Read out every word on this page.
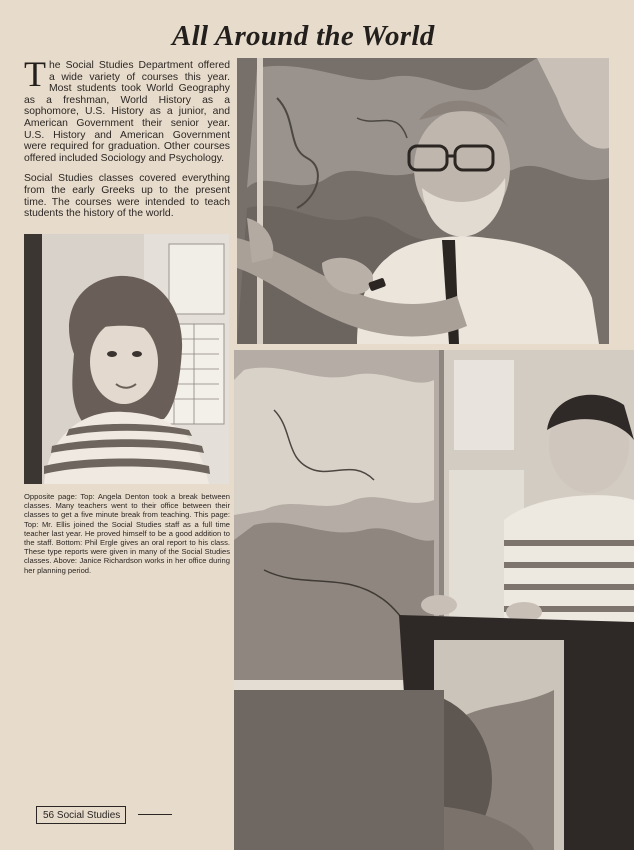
All Around the World

The Social Studies Department offered a wide variety of courses this year. Most students took World Geography as a freshman, World History as a sophomore, U.S. History as a junior, and American Government their senior year. U.S. History and American Government were required for graduation. Other courses offered included Sociology and Psychology.

Social Studies classes covered everything from the early Greeks up to the present time. The courses were intended to teach students the history of the world.

Opposite page: Top: Angela Denton took a break between classes. Many teachers went to their office between their classes to get a five minute break from teaching. This page: Top: Mr. Ellis joined the Social Studies staff as a full time teacher last year. He proved himself to be a good addition to the staff. Bottom: Phil Ergle gives an oral report to his class. These type reports were given in many of the Social Studies classes. Above: Janice Richardson works in her office during her planning period.

56 Social Studies
